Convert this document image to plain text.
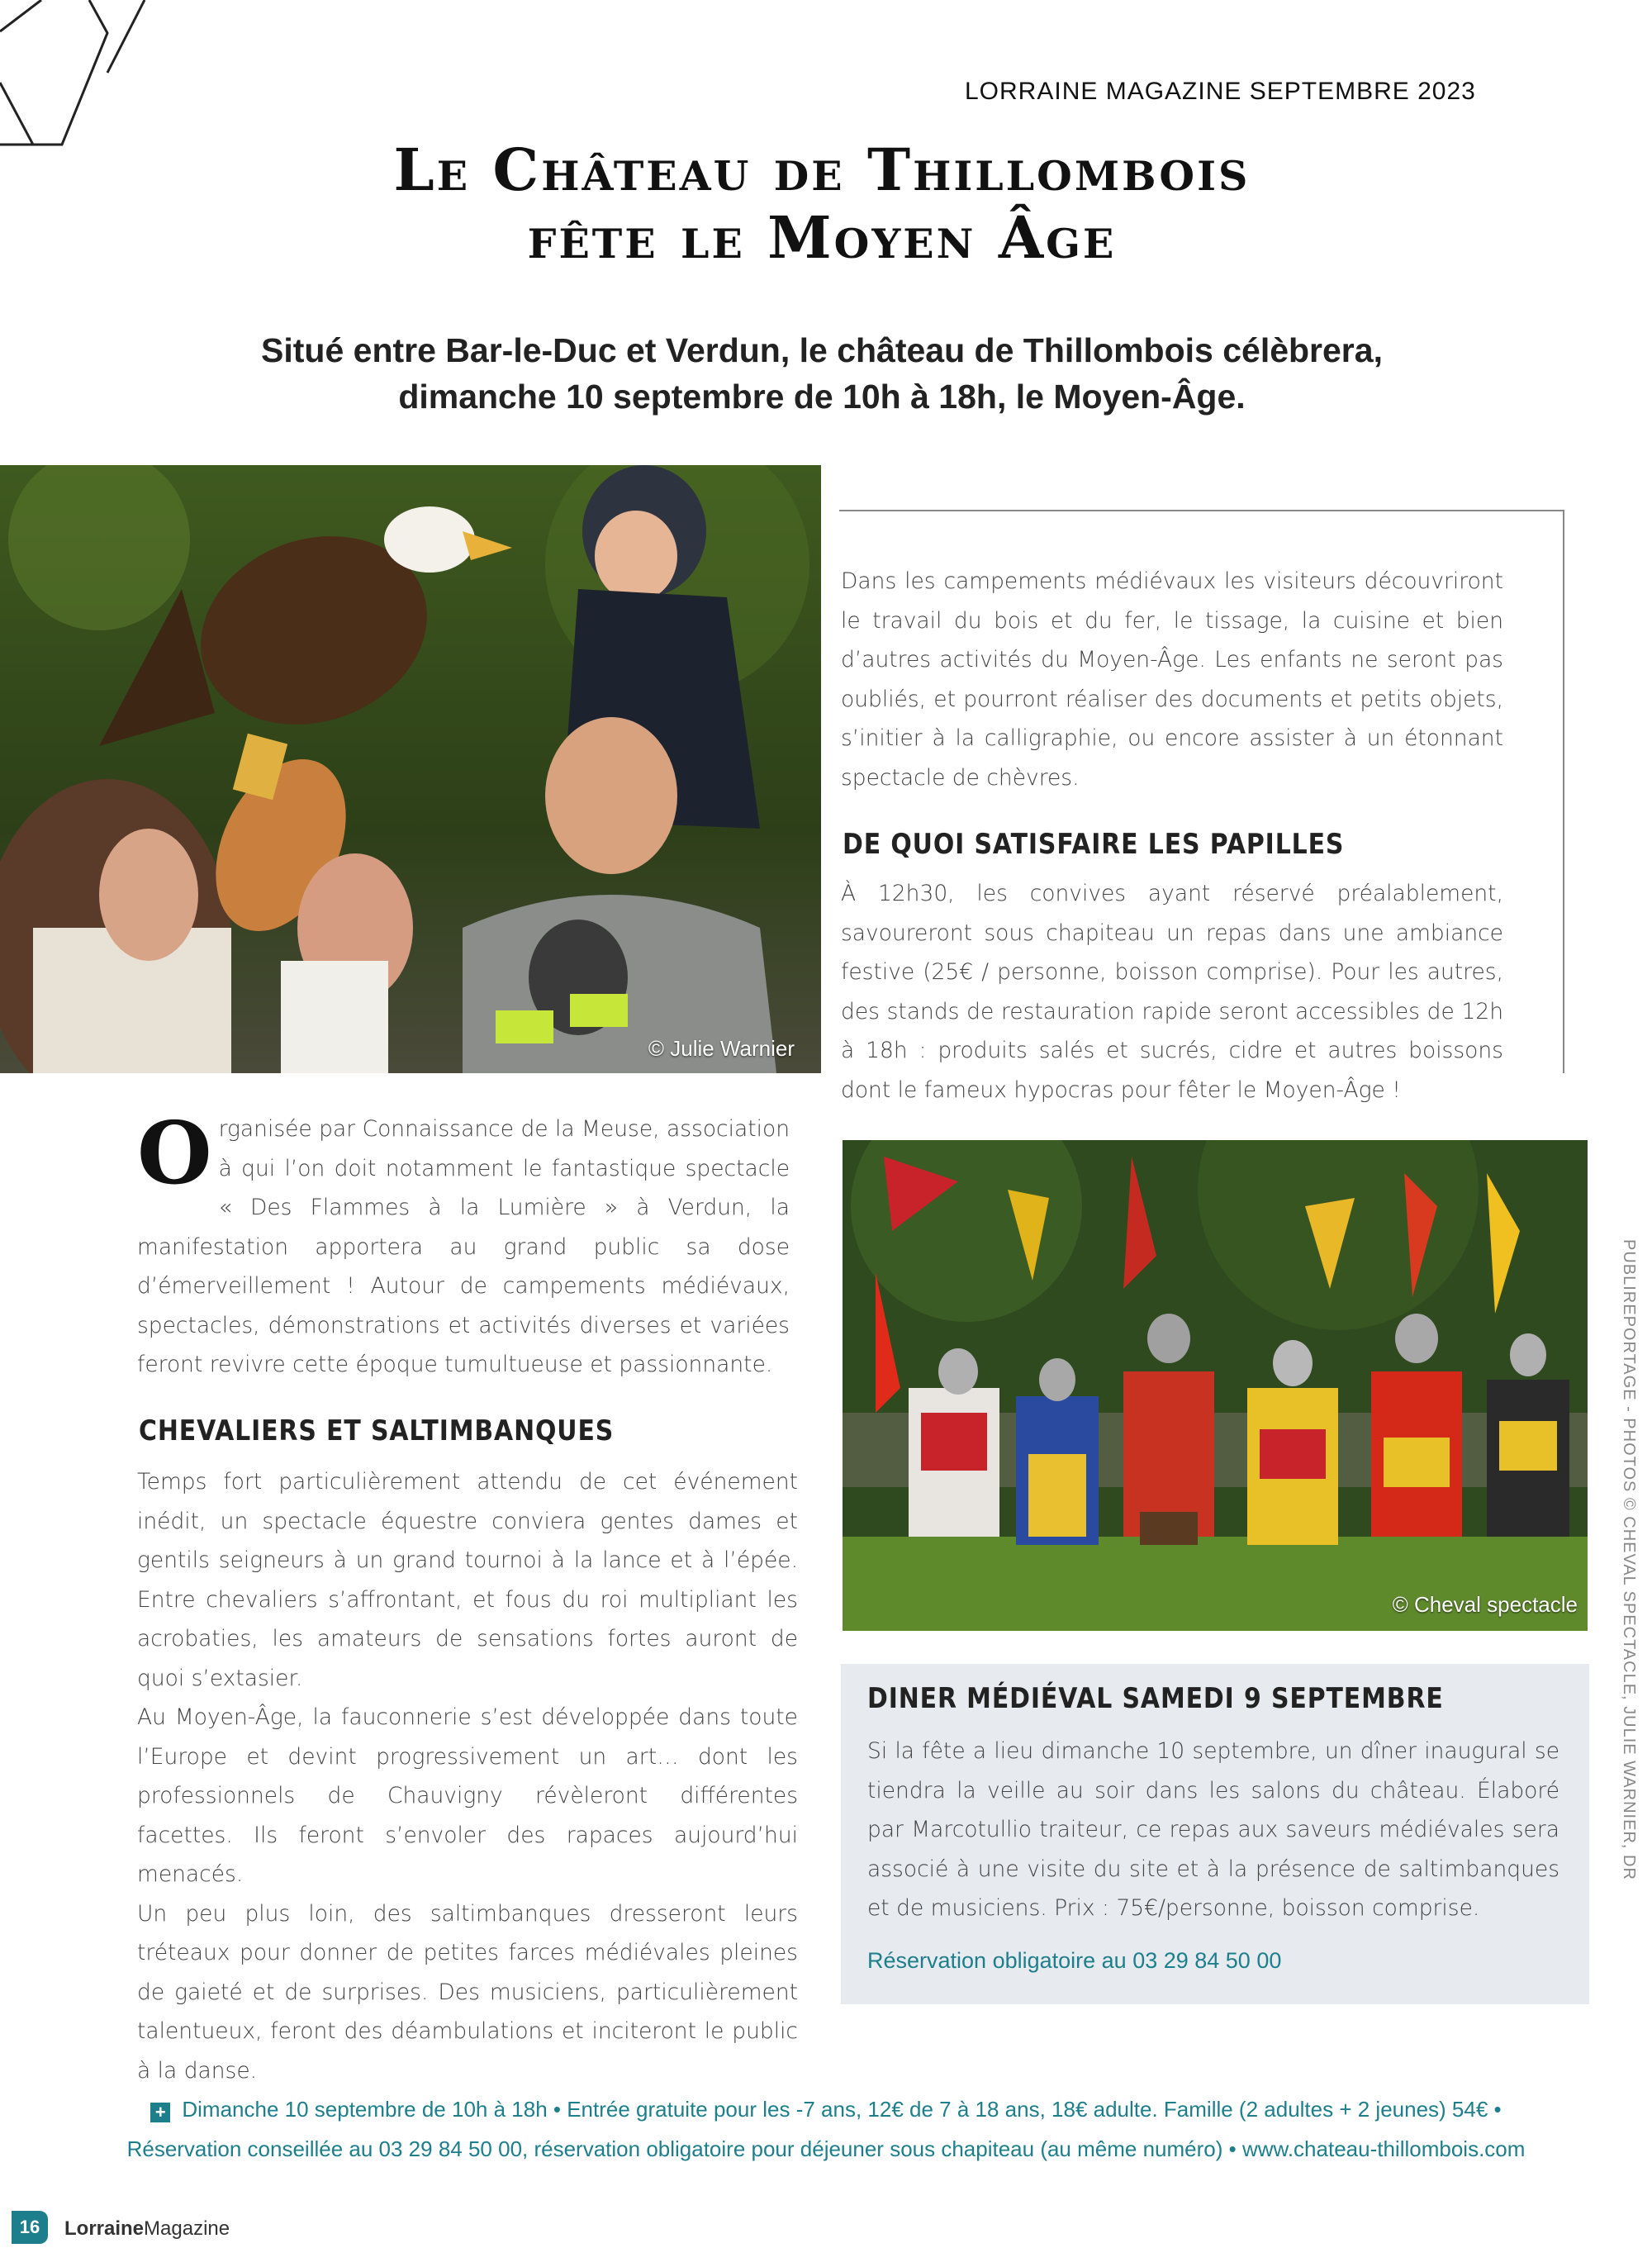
LORRAINE MAGAZINE SEPTEMBRE 2023
Le Château de Thillombois
fête le Moyen Âge
Situé entre Bar-le-Duc et Verdun, le château de Thillombois célèbrera,
dimanche 10 septembre de 10h à 18h, le Moyen-Âge.
© Julie Warnier
Dans les campements médiévaux les visiteurs découvriront le travail du bois et du fer, le tissage, la cuisine et bien d’autres activités du Moyen-Âge. Les enfants ne seront pas oubliés, et pourront réaliser des documents et petits objets, s’initier à la calligraphie, ou encore assister à un étonnant spectacle de chèvres.
DE QUOI SATISFAIRE LES PAPILLES
À 12h30, les convives ayant réservé préalablement, savoureront sous chapiteau un repas dans une ambiance festive (25€ / personne, boisson comprise). Pour les autres, des stands de restauration rapide seront accessibles de 12h à 18h : produits salés et sucrés, cidre et autres boissons dont le fameux hypocras pour fêter le Moyen-Âge !
© Cheval spectacle
Organisée par Connaissance de la Meuse, association à qui l’on doit notamment le fantastique spectacle « Des Flammes à la Lumière » à Verdun, la manifestation apportera au grand public sa dose d’émerveillement ! Autour de campements médiévaux, spectacles, démonstrations et activités diverses et variées feront revivre cette époque tumultueuse et passionnante.
CHEVALIERS ET SALTIMBANQUES

Temps fort particulièrement attendu de cet événement inédit, un spectacle équestre conviera gentes dames et gentils seigneurs à un grand tournoi à la lance et à l’épée. Entre chevaliers s’affrontant, et fous du roi multipliant les acrobaties, les amateurs de sensations fortes auront de quoi s’extasier.

Au Moyen-Âge, la fauconnerie s’est développée dans toute l’Europe et devint progressivement un art… dont les professionnels de Chauvigny révèleront différentes facettes. Ils feront s’envoler des rapaces aujourd’hui menacés.

Un peu plus loin, des saltimbanques dresseront leurs tréteaux pour donner de petites farces médiévales pleines de gaieté et de surprises. Des musiciens, particulièrement talentueux, feront des déambulations et inciteront le public à la danse.

DINER MÉDIÉVAL SAMEDI 9 SEPTEMBRE
Si la fête a lieu dimanche 10 septembre, un dîner inaugural se tiendra la veille au soir dans les salons du château. Élaboré par Marcotullio traiteur, ce repas aux saveurs médiévales sera associé à une visite du site et à la présence de saltimbanques et de musiciens. Prix : 75€/personne, boisson comprise.
Réservation obligatoire au 03 29 84 50 00
+ Dimanche 10 septembre de 10h à 18h • Entrée gratuite pour les -7 ans, 12€ de 7 à 18 ans, 18€ adulte. Famille (2 adultes + 2 jeunes) 54€ •
Réservation conseillée au 03 29 84 50 00, réservation obligatoire pour déjeuner sous chapiteau (au même numéro) • www.chateau-thillombois.com
16	LorraineMagazine
PUBLIREPORTAGE - PHOTOS © CHEVAL SPECTACLE, JULIE WARNIER, DR
